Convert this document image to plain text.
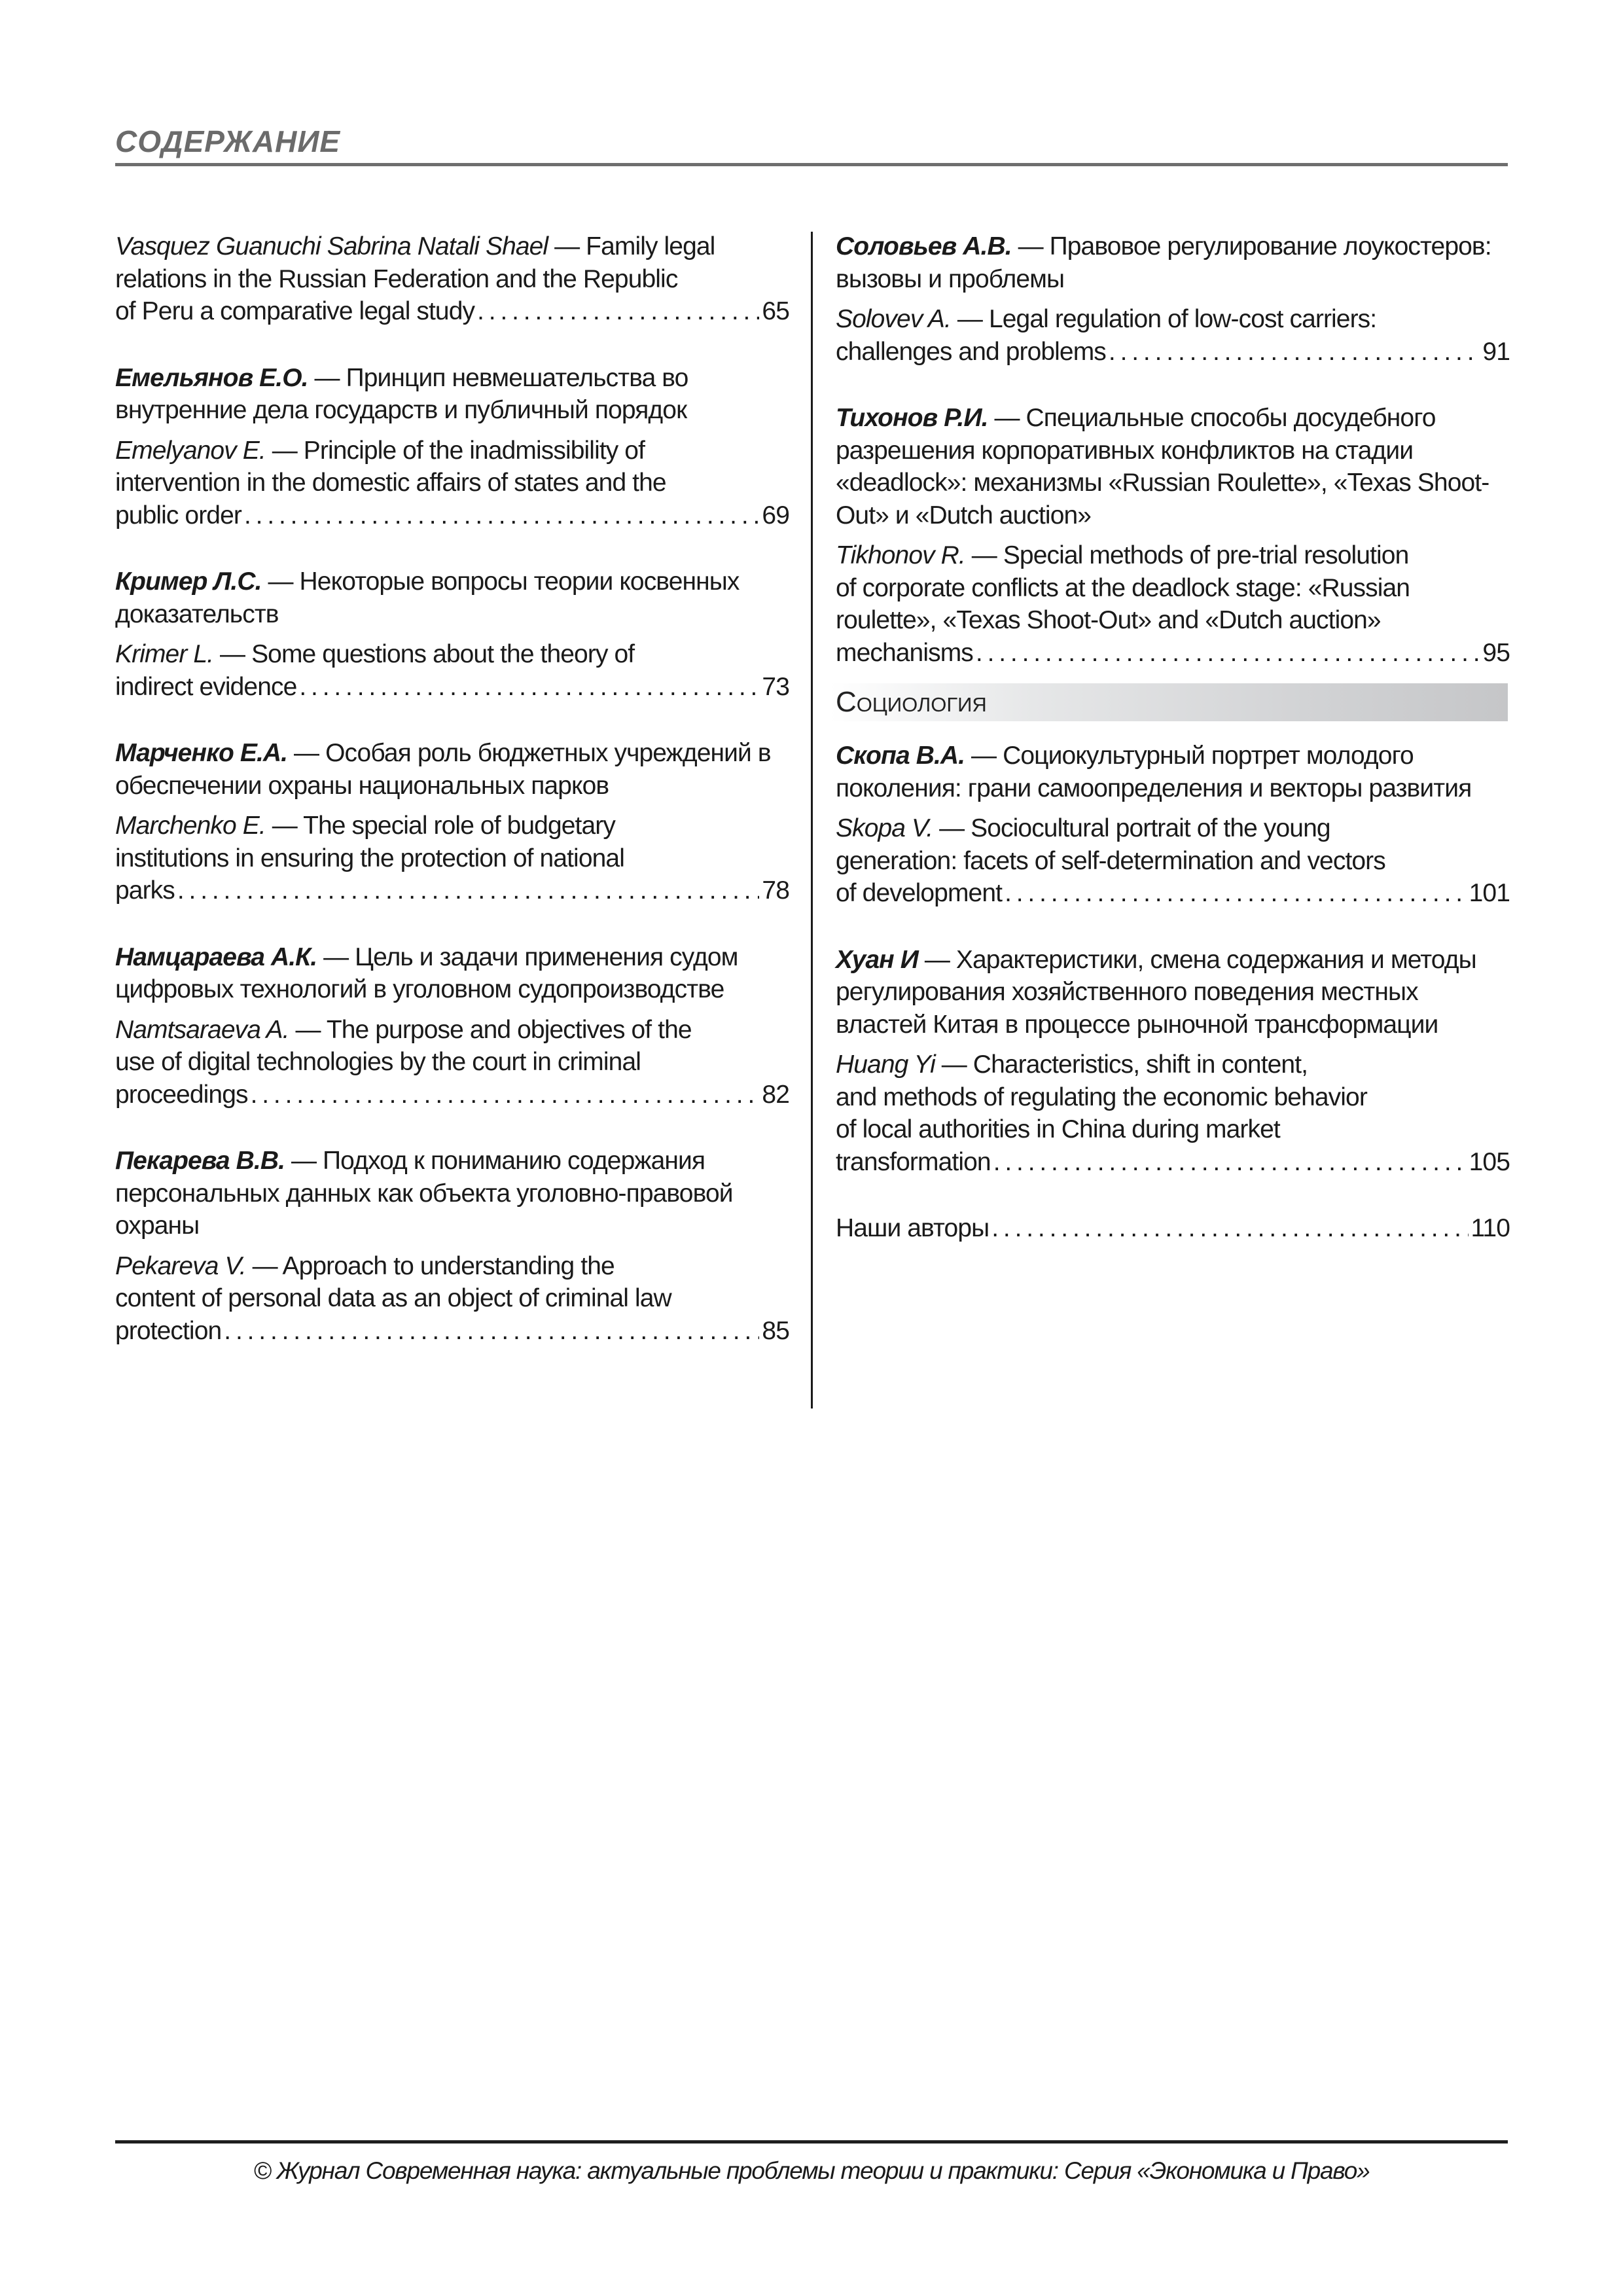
СОДЕРЖАНИЕ

Vasquez Guanuchi Sabrina Natali Shael — Family legal

relations in the Russian Federation and the Republic

of Peru a comparative legal study . . .	65

Емельянов Е.О. — Принцип невмешательства во внутренние дела государств и публичный порядок

Emelyanov E. — Principle of the inadmissibility of

intervention in the domestic affairs of states and the

public order . . .	69

Кример Л.С. — Некоторые вопросы теории косвенных доказательств

Krimer L. — Some questions about the theory of

indirect evidence . . .	73

Марченко Е.А. — Особая роль бюджетных учреждений в обеспечении охраны национальных парков

Marchenko E. — The special role of budgetary

institutions in ensuring the protection of national

parks . . .	78

Намцараева А.К. — Цель и задачи применения судом цифровых технологий в уголовном судопроизводстве

Namtsaraeva A. — The purpose and objectives of the

use of digital technologies by the court in criminal

proceedings . . .	82

Пекарева В.В. — Подход к пониманию содержания персональных данных как объекта уголовно-правовой охраны

Pekareva V. — Approach to understanding the

content of personal data as an object of criminal law

protection . . .	85

Соловьев А.В. — Правовое регулирование лоукостеров: вызовы и проблемы

Solovev A. — Legal regulation of low-cost carriers:

challenges and problems . . .	91

Тихонов Р.И. — Специальные способы досудебного разрешения корпоративных конфликтов на стадии «deadlock»: механизмы «Russian Roulette», «Texas Shoot-Out» и «Dutch auction»

Tikhonov R. — Special methods of pre-trial resolution

of corporate conflicts at the deadlock stage: «Russian

roulette», «Texas Shoot-Out» and «Dutch auction»

mechanisms . . .	95

Социология

Скопа В.А. — Социокультурный портрет молодого поколения: грани самоопределения и векторы развития

Skopa V. — Sociocultural portrait of the young

generation: facets of self-determination and vectors

of development . . .	101

Хуан И — Характеристики, смена содержания и методы регулирования хозяйственного поведения местных властей Китая в процессе рыночной трансформации

Huang Yi — Characteristics, shift in content,

and methods of regulating the economic behavior

of local authorities in China during market

transformation . . .	105

Наши авторы . . .	110

© Журнал Современная наука: актуальные проблемы теории и практики: Серия «Экономика и Право»
